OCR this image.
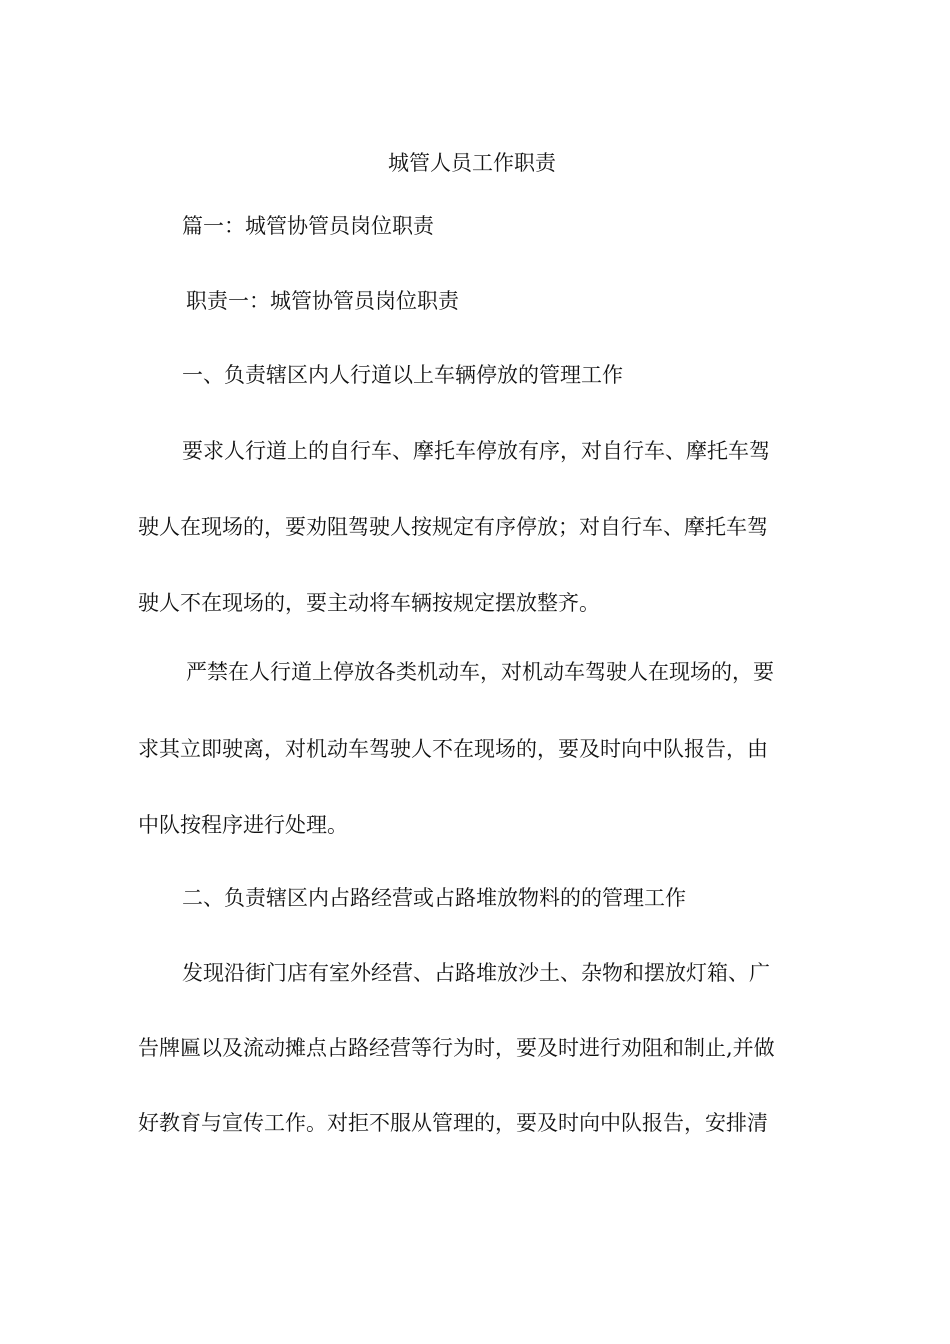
城管人员工作职责
篇一：城管协管员岗位职责
职责一：城管协管员岗位职责
一、负责辖区内人行道以上车辆停放的管理工作
要求人行道上的自行车、摩托车停放有序，对自行车、摩托车驾
驶人在现场的，要劝阻驾驶人按规定有序停放；对自行车、摩托车驾
驶人不在现场的，要主动将车辆按规定摆放整齐。
严禁在人行道上停放各类机动车，对机动车驾驶人在现场的，要
求其立即驶离，对机动车驾驶人不在现场的，要及时向中队报告，由
中队按程序进行处理。
二、负责辖区内占路经营或占路堆放物料的的管理工作
发现沿街门店有室外经营、占路堆放沙土、杂物和摆放灯箱、广
告牌匾以及流动摊点占路经营等行为时，要及时进行劝阻和制止,并做
好教育与宣传工作。对拒不服从管理的，要及时向中队报告，安排清
